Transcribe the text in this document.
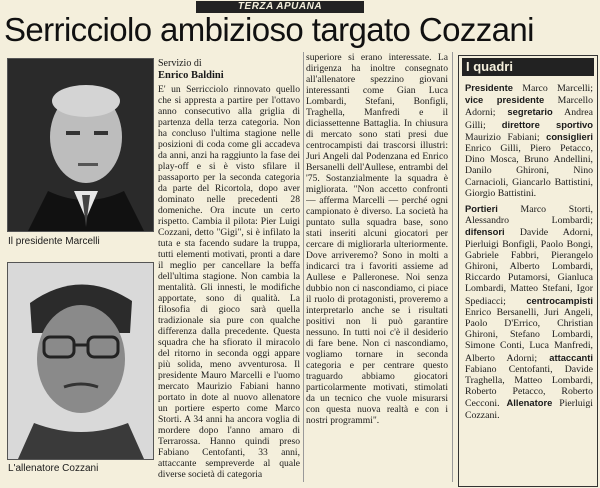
TERZA APUANA
Serricciolo ambizioso targato Cozzani
Il presidente Marcelli
L'allenatore Cozzani
Servizio di
Enrico Baldini
E' un Serricciolo rinnovato quello che si appresta a partire per l'ottavo anno consecutivo alla griglia di partenza della terza categoria. Non ha concluso l'ultima stagione nelle posizioni di coda come gli accadeva da anni, anzi ha raggiunto la fase dei play-off e si è visto sfilare il passaporto per la seconda categoria da parte del Ricortola, dopo aver dominato nelle precedenti 28 domeniche. Ora incute un certo rispetto. Cambia il pilota: Pier Luigi Cozzani, detto "Gigi", si è infilato la tuta e sta facendo sudare la truppa, tutti elementi motivati, pronti a dare il meglio per cancellare la beffa dell'ultima stagione. Non cambia la mentalità. Gli innesti, le modifiche apportate, sono di qualità. La filosofia di gioco sarà quella tradizionale sia pure con qualche differenza dalla precedente. Questa squadra che ha sfiorato il miracolo del ritorno in seconda oggi appare più solida, meno avventurosa. Il presidente Mauro Marcelli e l'uomo mercato Maurizio Fabiani hanno portato in dote al nuovo allenatore un portiere esperto come Marco Storti. A 34 anni ha ancora voglia di mordere dopo l'anno amaro di Terrarossa. Hanno quindi preso Fabiano Centofanti, 33 anni, attaccante sempreverde al quale diverse società di categoria
superiore si erano interessate. La dirigenza ha inoltre consegnato all'allenatore spezzino giovani interessanti come Gian Luca Lombardi, Stefani, Bonfigli, Traghella, Manfredi e il diciassettenne Battaglia. In chiusura di mercato sono stati presi due centrocampisti dai trascorsi illustri: Juri Angeli dal Podenzana ed Enrico Bersanelli dell'Aullese, entrambi del '75. Sostanzialmente la squadra è migliorata. "Non accetto confronti — afferma Marcelli — perché ogni campionato è diverso. La società ha puntato sulla squadra base, sono stati inseriti alcuni giocatori per cercare di migliorarla ulteriormente. Dove arriveremo? Sono in molti a indicarci tra i favoriti assieme ad Aullese e Palleronese. Noi senza dubbio non ci nascondiamo, ci piace il ruolo di protagonisti, proveremo a interpretarlo anche se i risultati positivi non li può garantire nessuno. In tutti noi c'è il desiderio di fare bene. Non ci nascondiamo, vogliamo tornare in seconda categoria e per centrare questo traguardo abbiamo giocatori particolarmente motivati, stimolati da un tecnico che vuole misurarsi con questa nuova realtà e con i nostri programmi".
I quadri

Presidente Marco Marcelli; vice presidente Marcello Adorni; segretario Andrea Gilli; direttore sportivo Maurizio Fabiani; consiglieri Enrico Gilli, Piero Petacco, Dino Mosca, Bruno Andellini, Danilo Ghironi, Nino Carnacioli, Giancarlo Battistini, Giorgio Battistini.

Portieri Marco Storti, Alessandro Lombardi; difensori Davide Adorni, Pierluigi Bonfigli, Paolo Bongi, Gabriele Fabbri, Pierangelo Ghironi, Alberto Lombardi, Riccardo Putamorsi, Gianluca Lombardi, Matteo Stefani, Igor Spediacci; centrocampisti Enrico Bersanelli, Juri Angeli, Paolo D'Errico, Christian Ghironi, Stefano Lombardi, Simone Conti, Luca Manfredi, Alberto Adorni; attaccanti Fabiano Centofanti, Davide Traghella, Matteo Lombardi, Roberto Petacco, Roberto Cecconi. Allenatore Pierluigi Cozzani.
